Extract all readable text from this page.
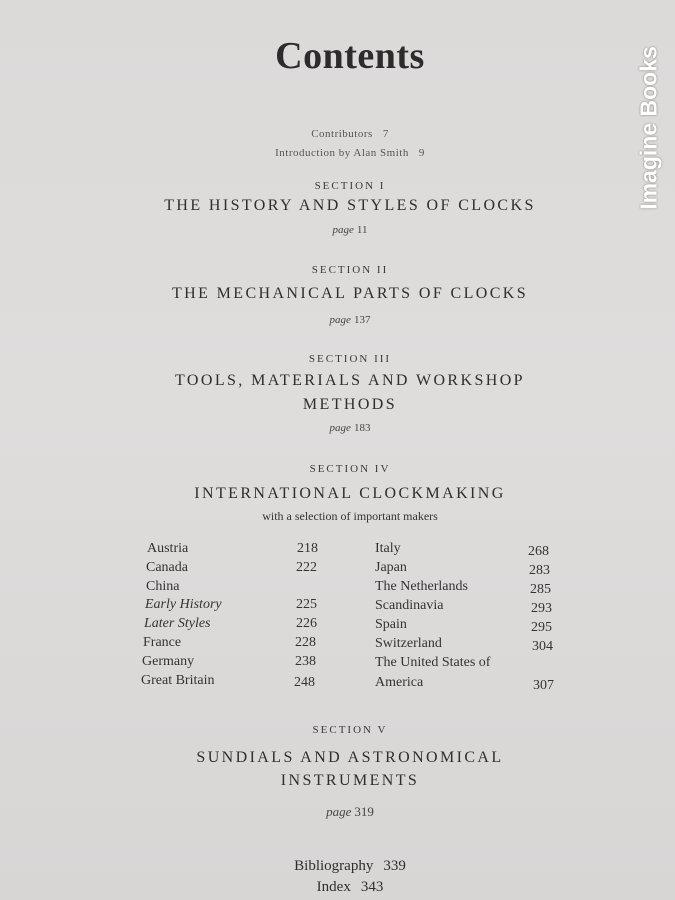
Contents
Contributors 7
Introduction by Alan Smith 9
SECTION I
THE HISTORY AND STYLES OF CLOCKS
page 11
SECTION II
THE MECHANICAL PARTS OF CLOCKS
page 137
SECTION III
TOOLS, MATERIALS AND WORKSHOP
METHODS
page 183
SECTION IV
INTERNATIONAL CLOCKMAKING
with a selection of important makers
Austria	218
Canada	222
China
Early History	225
Later Styles	226
France	228
Germany	238
Great Britain	248
Italy	268
Japan	283
The Netherlands	285
Scandinavia	293
Spain	295
Switzerland	304
The United States of
America	307
SECTION V
SUNDIALS AND ASTRONOMICAL
INSTRUMENTS
page 319
Bibliography 339
Index 343
Imagine Books
